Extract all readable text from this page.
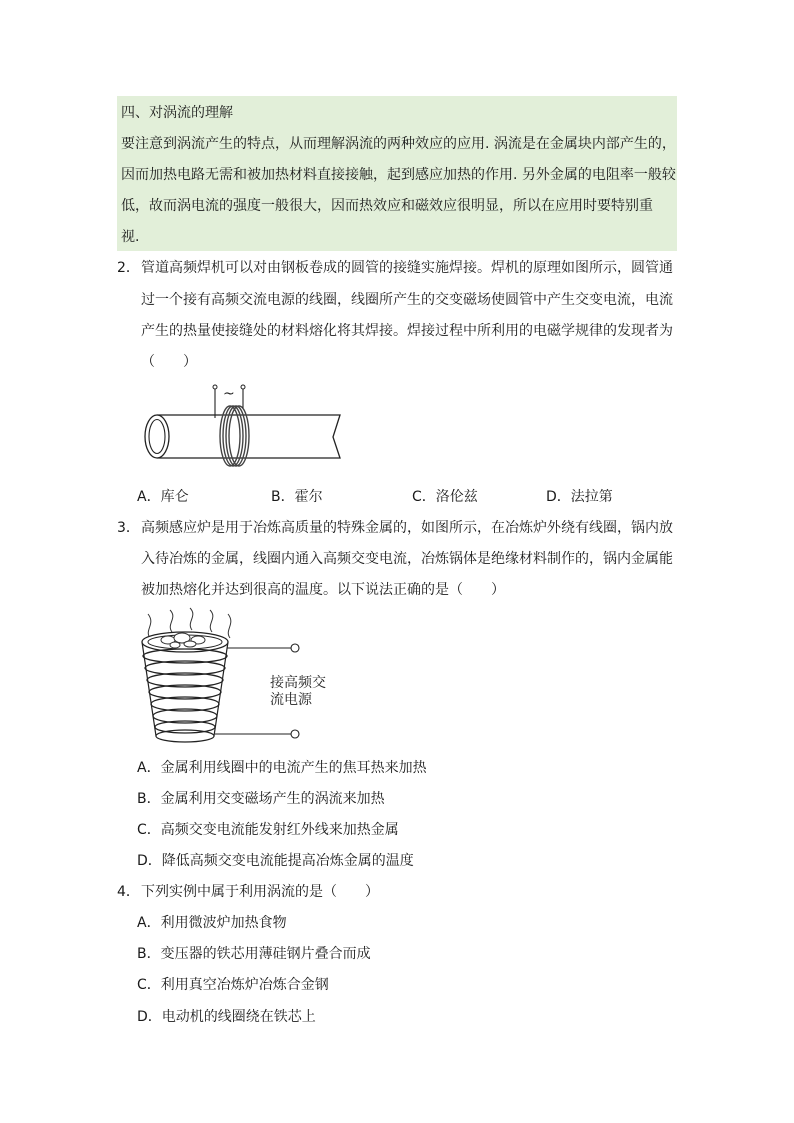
四、对涡流的理解
要注意到涡流产生的特点，从而理解涡流的两种效应的应用. 涡流是在金属块内部产生的，
因而加热电路无需和被加热材料直接接触，起到感应加热的作用. 另外金属的电阻率一般较
低，故而涡电流的强度一般很大，因而热效应和磁效应很明显，所以在应用时要特别重
视.
2． 管道高频焊机可以对由钢板卷成的圆管的接缝实施焊接。焊机的原理如图所示，圆管通
过一个接有高频交流电源的线圈，线圈所产生的交变磁场使圆管中产生交变电流，电流
产生的热量使接缝处的材料熔化将其焊接。焊接过程中所利用的电磁学规律的发现者为
（　　）
~
A．库仑	B．霍尔	C．洛伦兹	D．法拉第
3． 高频感应炉是用于冶炼高质量的特殊金属的，如图所示，在冶炼炉外绕有线圈，锅内放
入待冶炼的金属，线圈内通入高频交变电流，冶炼锅体是绝缘材料制作的，锅内金属能
被加热熔化并达到很高的温度。以下说法正确的是（　　）
接高频交
流电源
A．金属利用线圈中的电流产生的焦耳热来加热
B．金属利用交变磁场产生的涡流来加热
C．高频交变电流能发射红外线来加热金属
D．降低高频交变电流能提高冶炼金属的温度
4． 下列实例中属于利用涡流的是（　　）
A．利用微波炉加热食物
B．变压器的铁芯用薄硅钢片叠合而成
C．利用真空冶炼炉冶炼合金钢
D．电动机的线圈绕在铁芯上
